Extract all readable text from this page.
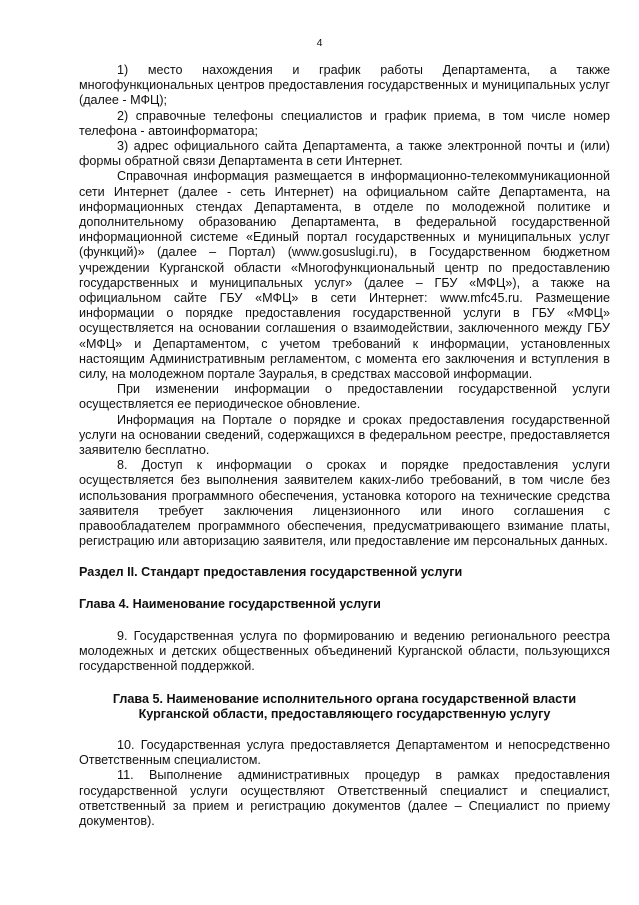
4

1) место нахождения и график работы Департамента, а также многофункциональных центров предоставления государственных и муниципальных услуг (далее - МФЦ);

2) справочные телефоны специалистов и график приема, в том числе номер телефона - автоинформатора;

3) адрес официального сайта Департамента, а также электронной почты и (или) формы обратной связи Департамента в сети Интернет.

Справочная информация размещается в информационно-телекоммуникационной сети Интернет (далее - сеть Интернет) на официальном сайте Департамента, на информационных стендах Департамента, в отделе по молодежной политике и дополнительному образованию Департамента, в федеральной государственной информационной системе «Единый портал государственных и муниципальных услуг (функций)» (далее – Портал) (www.gosuslugi.ru), в Государственном бюджетном учреждении Курганской области «Многофункциональный центр по предоставлению государственных и муниципальных услуг» (далее – ГБУ «МФЦ»), а также на официальном сайте ГБУ «МФЦ» в сети Интернет: www.mfc45.ru. Размещение информации о порядке предоставления государственной услуги в ГБУ «МФЦ» осуществляется на основании соглашения о взаимодействии, заключенного между ГБУ «МФЦ» и Департаментом, с учетом требований к информации, установленных настоящим Административным регламентом, с момента его заключения и вступления в силу, на молодежном портале Зауралья, в средствах массовой информации.

При изменении информации о предоставлении государственной услуги осуществляется ее периодическое обновление.

Информация на Портале о порядке и сроках предоставления государственной услуги на основании сведений, содержащихся в федеральном реестре, предоставляется заявителю бесплатно.

8. Доступ к информации о сроках и порядке предоставления услуги осуществляется без выполнения заявителем каких-либо требований, в том числе без использования программного обеспечения, установка которого на технические средства заявителя требует заключения лицензионного или иного соглашения с правообладателем программного обеспечения, предусматривающего взимание платы, регистрацию или авторизацию заявителя, или предоставление им персональных данных.

Раздел II. Стандарт предоставления государственной услуги

Глава 4. Наименование государственной услуги

9. Государственная услуга по формированию и ведению регионального реестра молодежных и детских общественных объединений Курганской области, пользующихся государственной поддержкой.

Глава 5. Наименование исполнительного органа государственной власти
Курганской области, предоставляющего государственную услугу

10. Государственная услуга предоставляется Департаментом и непосредственно Ответственным специалистом.

11. Выполнение административных процедур в рамках предоставления государственной услуги осуществляют Ответственный специалист и специалист, ответственный за прием и регистрацию документов (далее – Специалист по приему документов).
